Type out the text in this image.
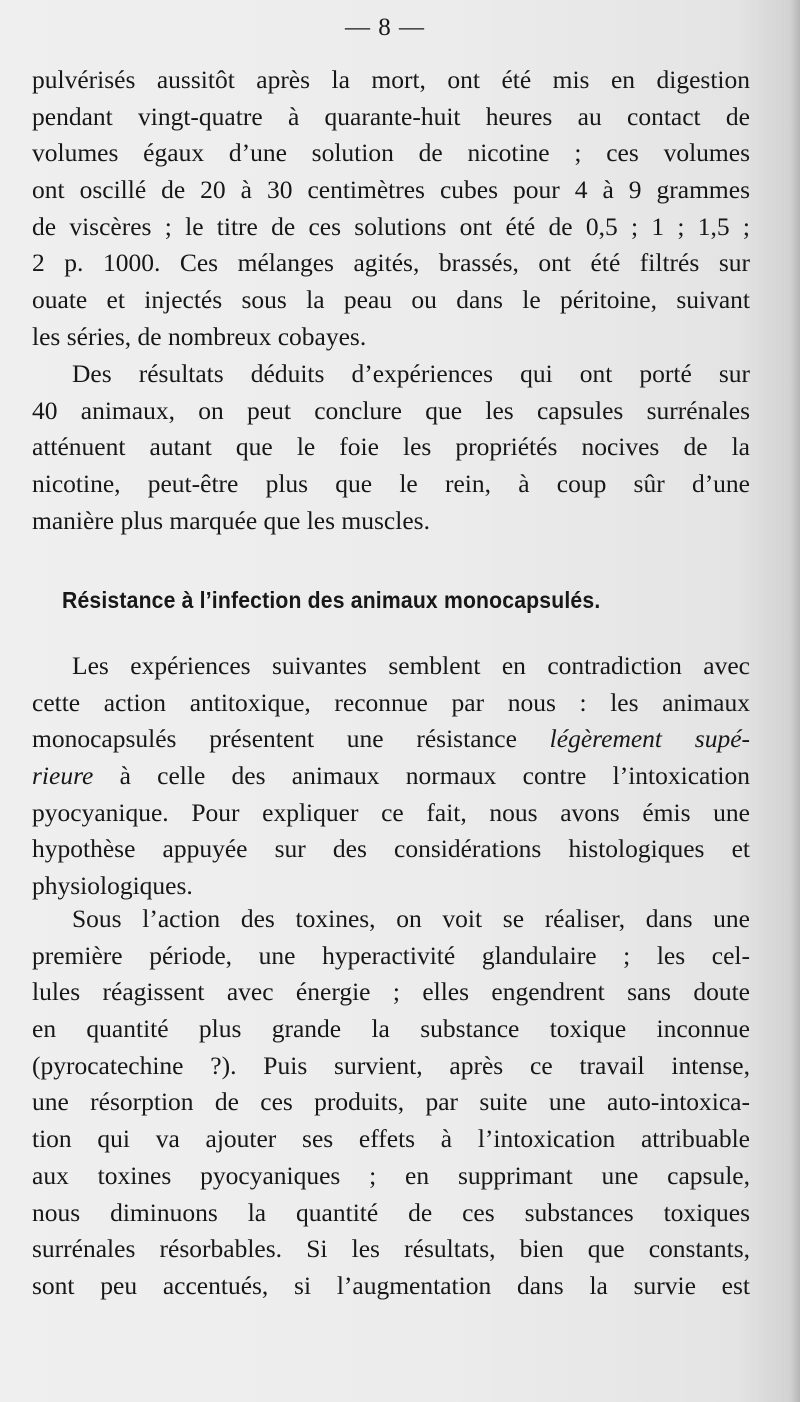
— 8 —
pulvérisés aussitôt après la mort, ont été mis en digestion
pendant vingt-quatre à quarante-huit heures au contact de
volumes égaux d’une solution de nicotine ; ces volumes
ont oscillé de 20 à 30 centimètres cubes pour 4 à 9 grammes
de viscères ; le titre de ces solutions ont été de 0,5 ; 1 ; 1,5 ;
2 p. 1000. Ces mélanges agités, brassés, ont été filtrés sur
ouate et injectés sous la peau ou dans le péritoine, suivant
les séries, de nombreux cobayes.
Des résultats déduits d’expériences qui ont porté sur
40 animaux, on peut conclure que les capsules surrénales
atténuent autant que le foie les propriétés nocives de la
nicotine, peut-être plus que le rein, à coup sûr d’une
manière plus marquée que les muscles.
Résistance à l’infection des animaux monocapsulés.
Les expériences suivantes semblent en contradiction avec
cette action antitoxique, reconnue par nous : les animaux
monocapsulés présentent une résistance légèrement supé-
rieure à celle des animaux normaux contre l’intoxication
pyocyanique. Pour expliquer ce fait, nous avons émis une
hypothèse appuyée sur des considérations histologiques et
physiologiques.
Sous l’action des toxines, on voit se réaliser, dans une
première période, une hyperactivité glandulaire ; les cel-
lules réagissent avec énergie ; elles engendrent sans doute
en quantité plus grande la substance toxique inconnue
(pyrocatechine ?). Puis survient, après ce travail intense,
une résorption de ces produits, par suite une auto-intoxica-
tion qui va ajouter ses effets à l’intoxication attribuable
aux toxines pyocyaniques ; en supprimant une capsule,
nous diminuons la quantité de ces substances toxiques
surrénales résorbables. Si les résultats, bien que constants,
sont peu accentués, si l’augmentation dans la survie est
